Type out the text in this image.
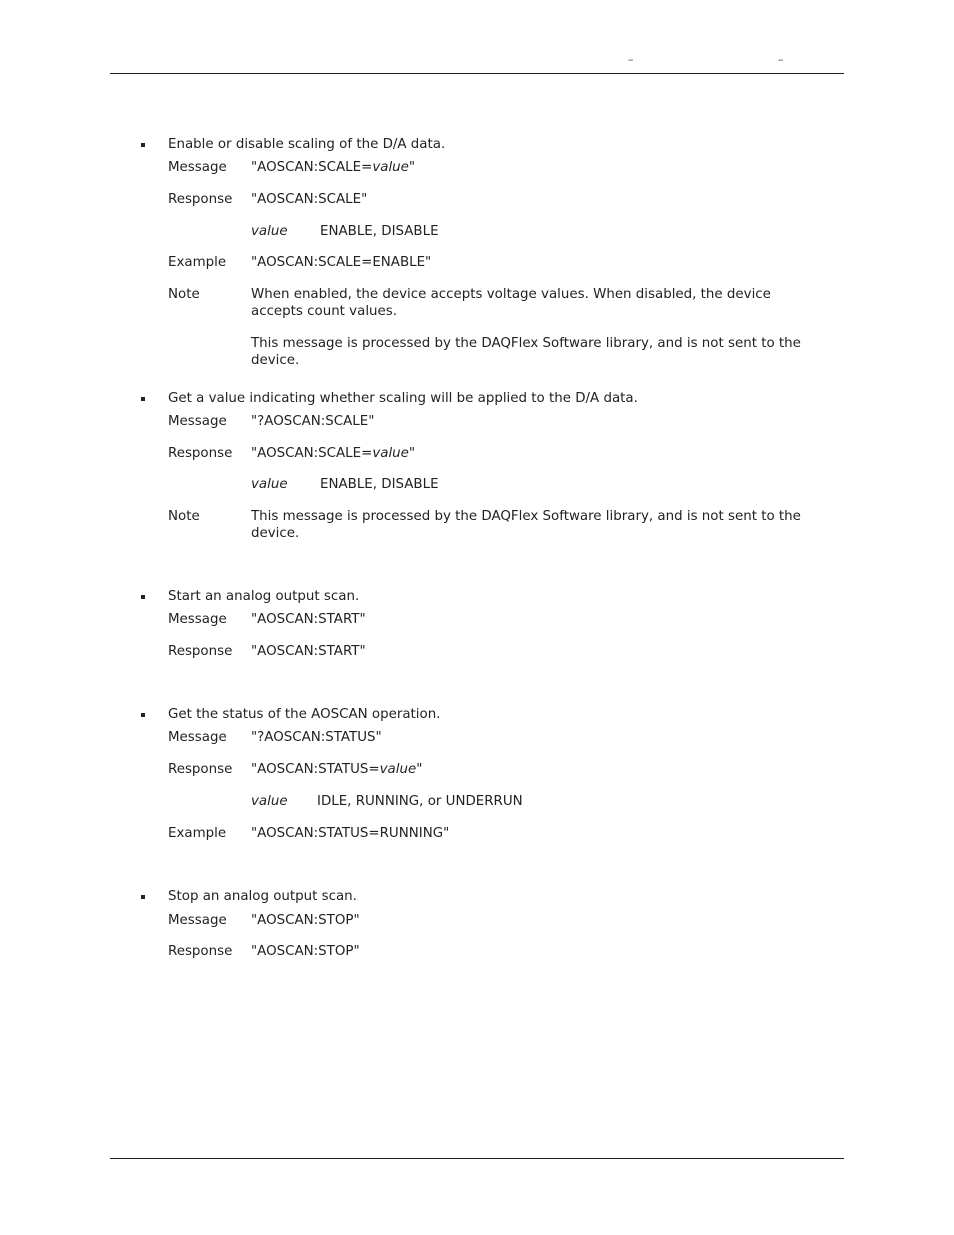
–	–
Enable or disable scaling of the D/A data.
Message "AOSCAN:SCALE=value"
Response "AOSCAN:SCALE"
value ENABLE, DISABLE
Example "AOSCAN:SCALE=ENABLE"
Note	When enabled, the device accepts voltage values. When disabled, the device accepts count values.
This message is processed by the DAQFlex Software library, and is not sent to the device.
Get a value indicating whether scaling will be applied to the D/A data.
Message "?AOSCAN:SCALE"
Response "AOSCAN:SCALE=value"
value ENABLE, DISABLE
Note	This message is processed by the DAQFlex Software library, and is not sent to the device.
Start an analog output scan.
Message "AOSCAN:START"
Response "AOSCAN:START"
Get the status of the AOSCAN operation.
Message "?AOSCAN:STATUS"
Response "AOSCAN:STATUS=value"
value IDLE, RUNNING, or UNDERRUN
Example "AOSCAN:STATUS=RUNNING"
Stop an analog output scan.
Message "AOSCAN:STOP"
Response "AOSCAN:STOP"
